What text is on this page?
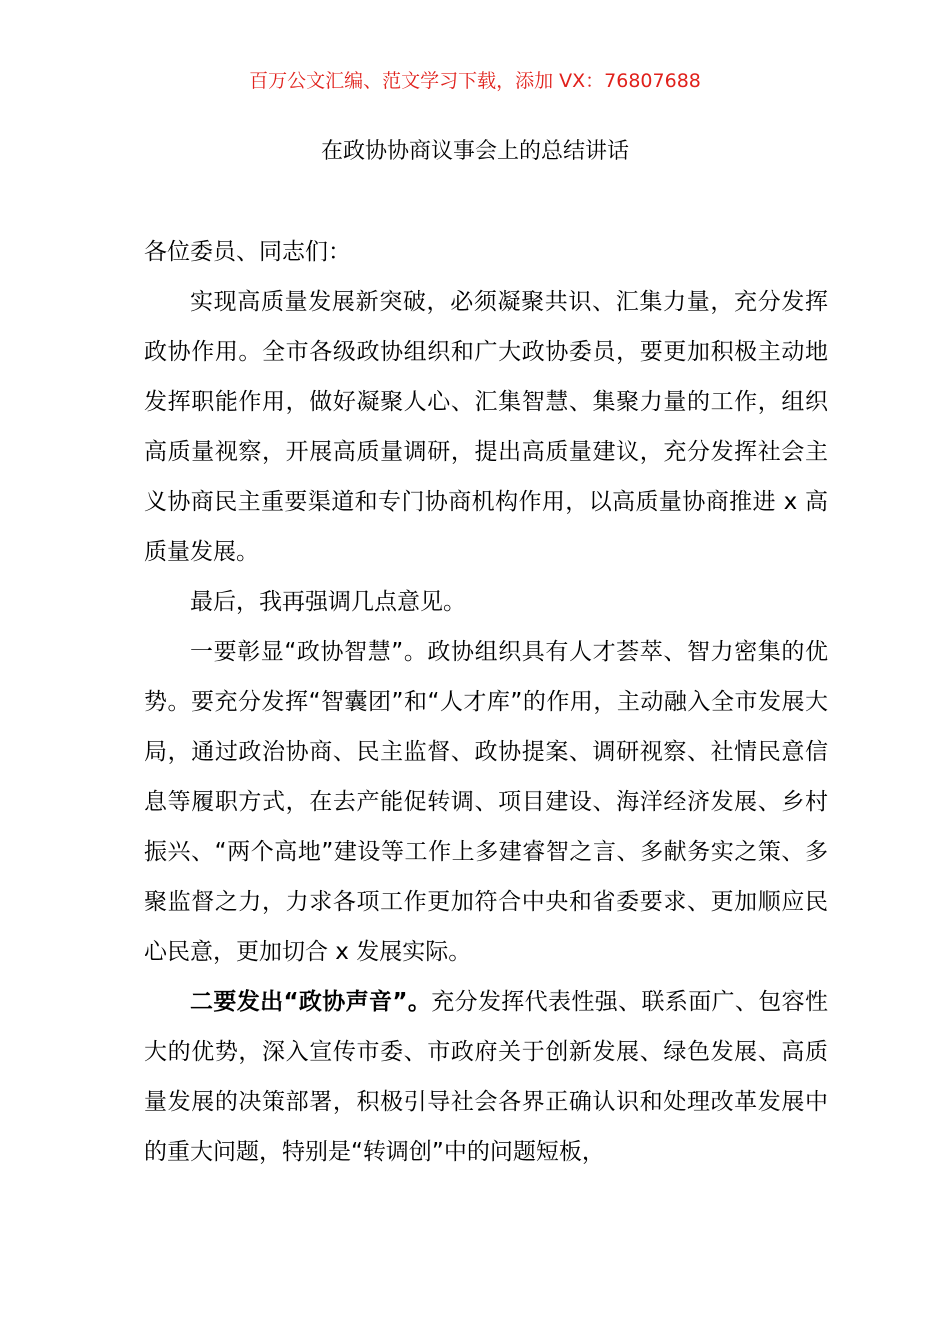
百万公文汇编、范文学习下载，添加 VX：76807688

在政协协商议事会上的总结讲话

各位委员、同志们：

实现高质量发展新突破，必须凝聚共识、汇集力量，充分发挥政协作用。全市各级政协组织和广大政协委员，要更加积极主动地发挥职能作用，做好凝聚人心、汇集智慧、集聚力量的工作，组织高质量视察，开展高质量调研，提出高质量建议，充分发挥社会主义协商民主重要渠道和专门协商机构作用，以高质量协商推进 x 高质量发展。

最后，我再强调几点意见。

一要彰显“政协智慧”。政协组织具有人才荟萃、智力密集的优势。要充分发挥“智囊团”和“人才库”的作用，主动融入全市发展大局，通过政治协商、民主监督、政协提案、调研视察、社情民意信息等履职方式，在去产能促转调、项目建设、海洋经济发展、乡村振兴、“两个高地”建设等工作上多建睿智之言、多献务实之策、多聚监督之力，力求各项工作更加符合中央和省委要求、更加顺应民心民意，更加切合 x 发展实际。

二要发出“政协声音”。充分发挥代表性强、联系面广、包容性大的优势，深入宣传市委、市政府关于创新发展、绿色发展、高质量发展的决策部署，积极引导社会各界正确认识和处理改革发展中的重大问题，特别是“转调创”中的问题短板，
